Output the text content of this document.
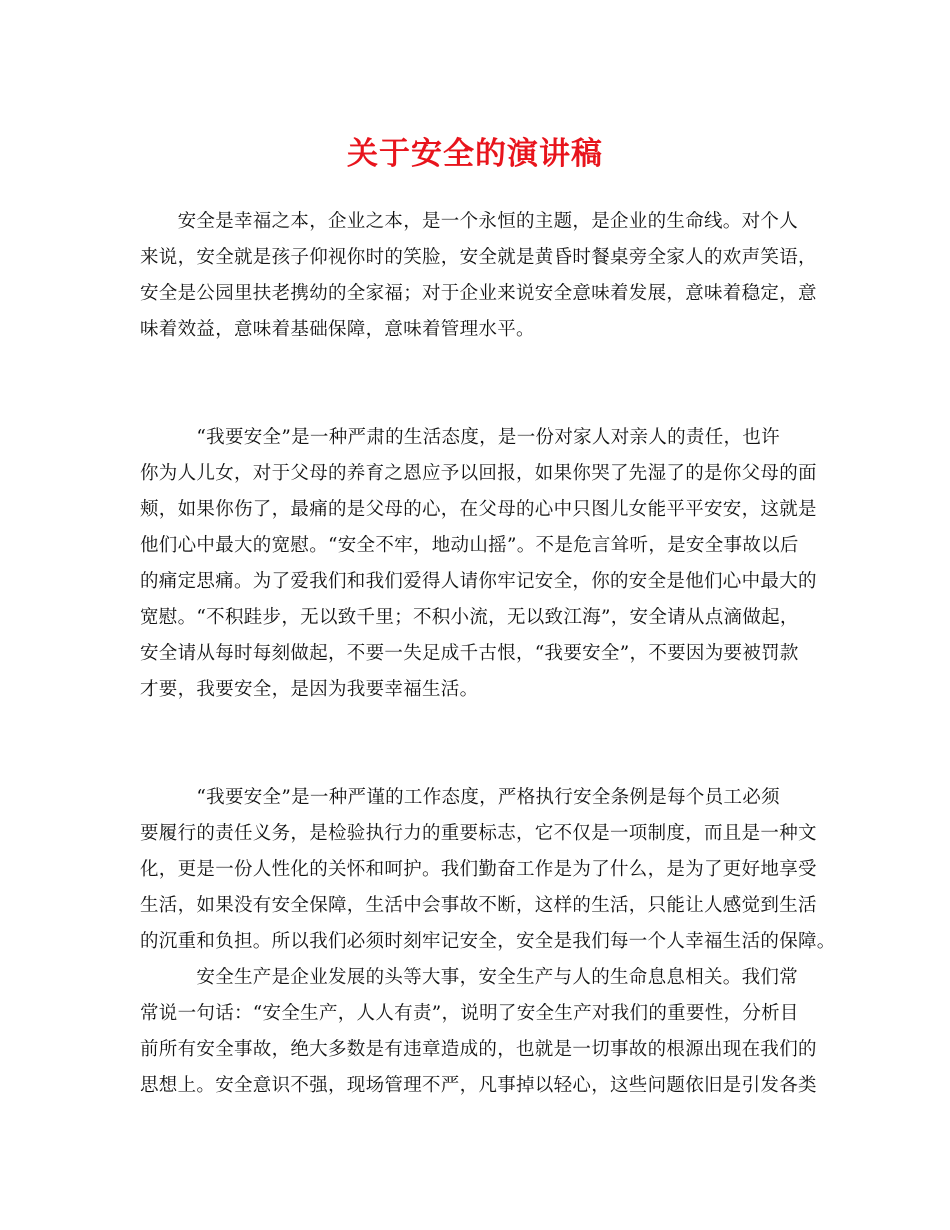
关于安全的演讲稿
　　安全是幸福之本，企业之本，是一个永恒的主题，是企业的生命线。对个人
来说，安全就是孩子仰视你时的笑脸，安全就是黄昏时餐桌旁全家人的欢声笑语，
安全是公园里扶老携幼的全家福；对于企业来说安全意味着发展，意味着稳定，意
味着效益，意味着基础保障，意味着管理水平。
　　　“我要安全”是一种严肃的生活态度，是一份对家人对亲人的责任，也许
你为人儿女，对于父母的养育之恩应予以回报，如果你哭了先湿了的是你父母的面
颊，如果你伤了，最痛的是父母的心，在父母的心中只图儿女能平平安安，这就是
他们心中最大的宽慰。“安全不牢，地动山摇”。不是危言耸听，是安全事故以后
的痛定思痛。为了爱我们和我们爱得人请你牢记安全，你的安全是他们心中最大的
宽慰。“不积跬步，无以致千里；不积小流，无以致江海”，安全请从点滴做起，
安全请从每时每刻做起，不要一失足成千古恨，“我要安全”，不要因为要被罚款
才要，我要安全，是因为我要幸福生活。
　　　“我要安全”是一种严谨的工作态度，严格执行安全条例是每个员工必须
要履行的责任义务，是检验执行力的重要标志，它不仅是一项制度，而且是一种文
化，更是一份人性化的关怀和呵护。我们勤奋工作是为了什么，是为了更好地享受
生活，如果没有安全保障，生活中会事故不断，这样的生活，只能让人感觉到生活
的沉重和负担。所以我们必须时刻牢记安全，安全是我们每一个人幸福生活的保障。
　　　安全生产是企业发展的头等大事，安全生产与人的生命息息相关。我们常
常说一句话：“安全生产，人人有责”，说明了安全生产对我们的重要性，分析目
前所有安全事故，绝大多数是有违章造成的，也就是一切事故的根源出现在我们的
思想上。安全意识不强，现场管理不严，凡事掉以轻心，这些问题依旧是引发各类
